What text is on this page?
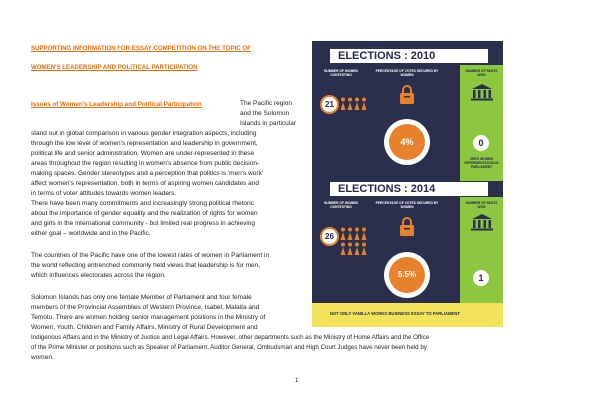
SUPPORTING INFORMATION FOR ESSAY COMPETITION ON THE TOPIC OF
WOMEN'S LEADERSHIP AND POLITICAL PARTICIPATION
Issues of Women's Leadership and Political Participation	The Pacific region
and the Solomon
Islands in particular
stand out in global comparison in various gender integration aspects, including
through the low level of women's representation and leadership in government,
political life and senior administration. Women are under-represented in these
areas throughout the region resulting in women's absence from public decision-
making spaces. Gender stereotypes and a perception that politics is 'men's work'
affect women's representation, both in terms of aspiring women candidates and
in terms of voter attitudes towards women leaders.
There have been many commitments and increasingly strong political rhetoric
about the importance of gender equality and the realization of rights for women
and girls in the international community - but limited real progress in achieving
either goal – worldwide and in the Pacific.
The countries of the Pacific have one of the lowest rates of women in Parliament in
the world reflecting entrenched commonly held views that leadership is for men,
which influences electorates across the region.
Solomon Islands has only one female Member of Parliament and four female
members of the Provincial Assemblies of Western Province, Isabel, Malaita and
Temotu. There are women holding senior management positions in the Ministry of
Women, Youth, Children and Family Affairs, Ministry of Rural Development and
Indigenous Affairs and in the Ministry of Justice and Legal Affairs. However, other departments such as the Ministry of Home Affairs and the Office
of the Prime Minister or positions such as Speaker of Parliament, Auditor General, Ombudsman and High Court Judges have never been held by
women.
1
ELECTIONS : 2010
NUMBER OF WOMEN CONTESTING
PERCENTAGE OF VOTES SECURED BY WOMEN
NUMBER OF SEATS WON
21
4%	0
ZERO WOMEN REPRESENTATION IN PARLIAMENT
ELECTIONS : 2014
NUMBER OF WOMEN CONTESTING
PERCENTAGE OF VOTES SECURED BY WOMEN
NUMBER OF SEATS WON
26
5.5%	1
NOT ONLY VANILLA WORKS BUSINESS ESSAY TO PARLIAMENT
